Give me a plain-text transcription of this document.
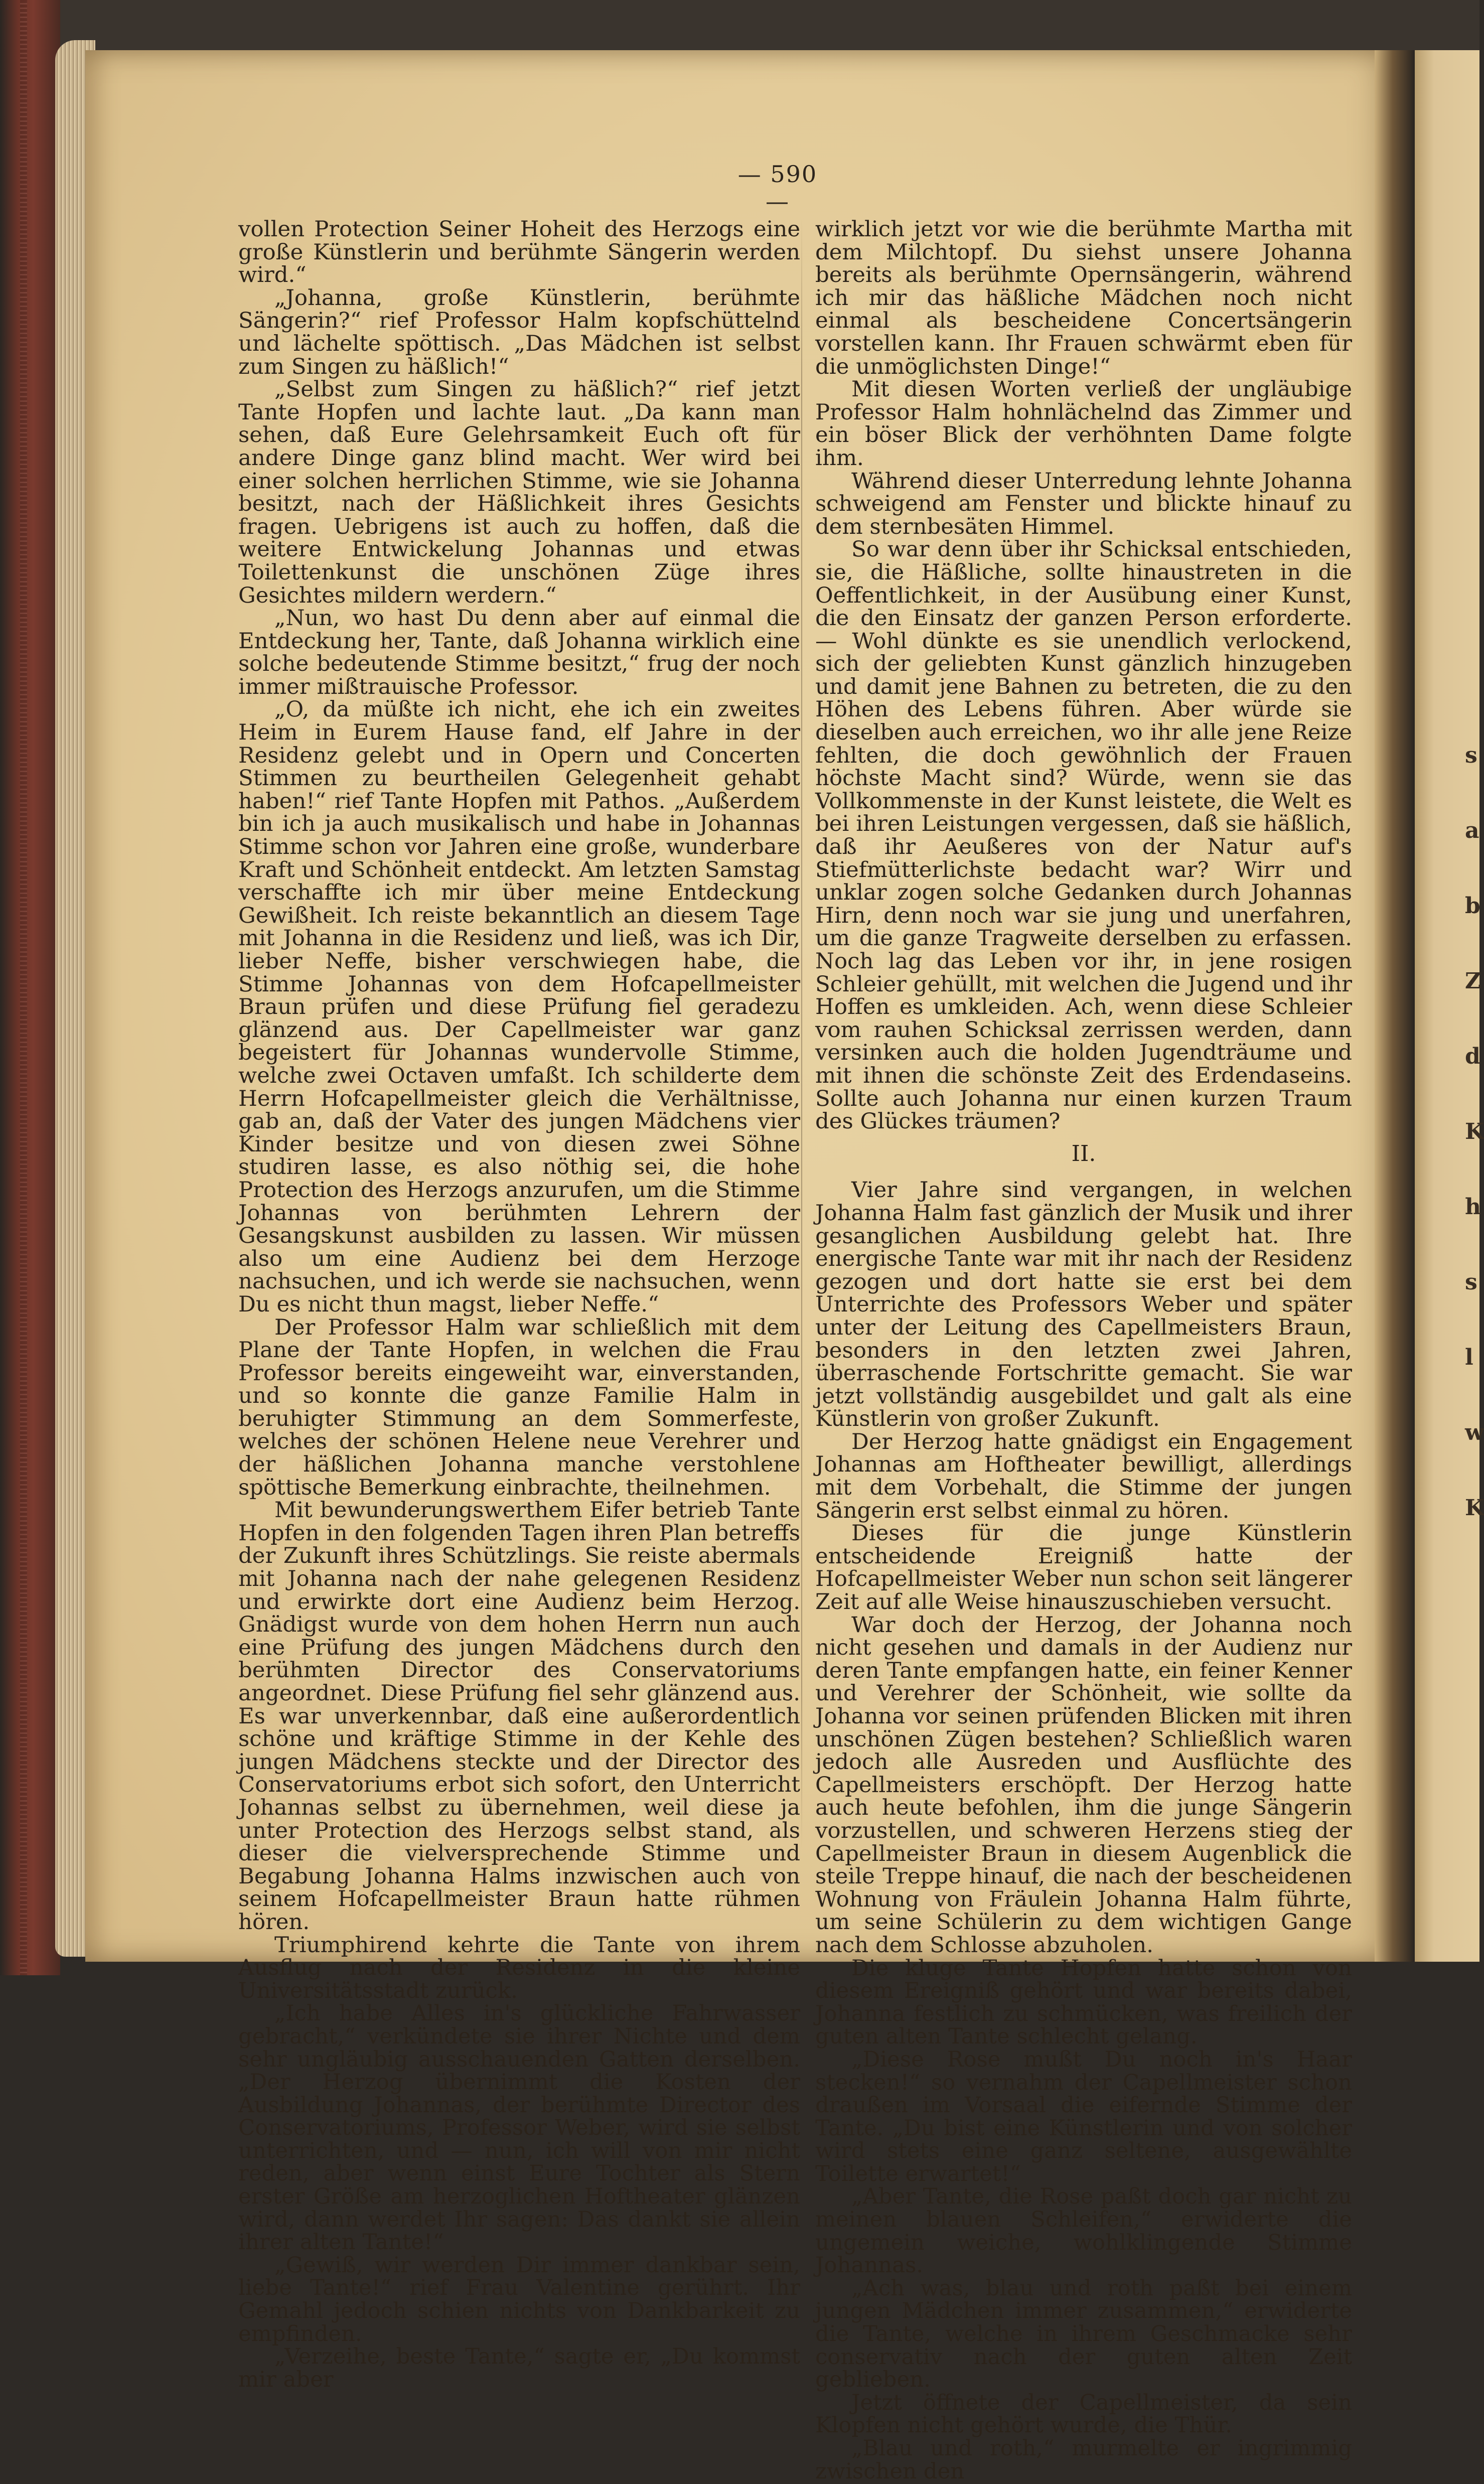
s
a
b
Z
d
K
h
s
l
w
K
— 590 —

vollen Protection Seiner Hoheit des Herzogs eine große Künstlerin und berühmte Sängerin werden wird.“

„Johanna, große Künstlerin, berühmte Sängerin?“ rief Professor Halm kopfschüttelnd und lächelte spöttisch. „Das Mädchen ist selbst zum Singen zu häßlich!“

„Selbst zum Singen zu häßlich?“ rief jetzt Tante Hopfen und lachte laut. „Da kann man sehen, daß Eure Gelehrsamkeit Euch oft für andere Dinge ganz blind macht. Wer wird bei einer solchen herrlichen Stimme, wie sie Johanna besitzt, nach der Häßlichkeit ihres Gesichts fragen. Uebrigens ist auch zu hoffen, daß die weitere Entwickelung Johannas und etwas Toilettenkunst die unschönen Züge ihres Gesichtes mildern werdern.“

„Nun, wo hast Du denn aber auf einmal die Entdeckung her, Tante, daß Johanna wirklich eine solche bedeutende Stimme besitzt,“ frug der noch immer mißtrauische Professor.

„O, da müßte ich nicht, ehe ich ein zweites Heim in Eurem Hause fand, elf Jahre in der Residenz gelebt und in Opern und Concerten Stimmen zu beurtheilen Gelegenheit gehabt haben!“ rief Tante Hopfen mit Pathos. „Außerdem bin ich ja auch musikalisch und habe in Johannas Stimme schon vor Jahren eine große, wunderbare Kraft und Schönheit entdeckt. Am letzten Samstag verschaffte ich mir über meine Entdeckung Gewißheit. Ich reiste bekanntlich an diesem Tage mit Johanna in die Residenz und ließ, was ich Dir, lieber Neffe, bisher verschwiegen habe, die Stimme Johannas von dem Hofcapellmeister Braun prüfen und diese Prüfung fiel geradezu glänzend aus. Der Capellmeister war ganz begeistert für Johannas wundervolle Stimme, welche zwei Octaven umfaßt. Ich schilderte dem Herrn Hofcapellmeister gleich die Verhältnisse, gab an, daß der Vater des jungen Mädchens vier Kinder besitze und von diesen zwei Söhne studiren lasse, es also nöthig sei, die hohe Protection des Herzogs anzurufen, um die Stimme Johannas von berühmten Lehrern der Gesangskunst ausbilden zu lassen. Wir müssen also um eine Audienz bei dem Herzoge nachsuchen, und ich werde sie nachsuchen, wenn Du es nicht thun magst, lieber Neffe.“

Der Professor Halm war schließlich mit dem Plane der Tante Hopfen, in welchen die Frau Professor bereits eingeweiht war, einverstanden, und so konnte die ganze Familie Halm in beruhigter Stimmung an dem Sommerfeste, welches der schönen Helene neue Verehrer und der häßlichen Johanna manche verstohlene spöttische Bemerkung einbrachte, theilnehmen.

Mit bewunderungswerthem Eifer betrieb Tante Hopfen in den folgenden Tagen ihren Plan betreffs der Zukunft ihres Schützlings. Sie reiste abermals mit Johanna nach der nahe gelegenen Residenz und erwirkte dort eine Audienz beim Herzog. Gnädigst wurde von dem hohen Herrn nun auch eine Prüfung des jungen Mädchens durch den berühmten Director des Conservatoriums angeordnet. Diese Prüfung fiel sehr glänzend aus. Es war unverkennbar, daß eine außerordentlich schöne und kräftige Stimme in der Kehle des jungen Mädchens steckte und der Director des Conservatoriums erbot sich sofort, den Unterricht Johannas selbst zu übernehmen, weil diese ja unter Protection des Herzogs selbst stand, als dieser die vielversprechende Stimme und Begabung Johanna Halms inzwischen auch von seinem Hofcapellmeister Braun hatte rühmen hören.

Triumphirend kehrte die Tante von ihrem Ausflug nach der Residenz in die kleine Universitätsstadt zurück.

„Ich habe Alles in's glückliche Fahrwasser gebracht,“ verkündete sie ihrer Nichte und dem sehr ungläubig ausschauenden Gatten derselben. „Der Herzog übernimmt die Kosten der Ausbildung Johannas, der berühmte Director des Conservatoriums, Professor Weber, wird sie selbst unterrichten, und — nun, ich will von mir nicht reden, aber wenn einst Eure Tochter als Stern erster Größe am herzoglichen Hoftheater glänzen wird, dann werdet Ihr sagen: Das dankt sie allein ihrer alten Tante!“

„Gewiß, wir werden Dir immer dankbar sein, liebe Tante!“ rief Frau Valentine gerührt. Ihr Gemahl jedoch schien nichts von Dankbarkeit zu empfinden.

„Verzeihe, beste Tante,“ sagte er, „Du kommst mir aber

wirklich jetzt vor wie die berühmte Martha mit dem Milchtopf. Du siehst unsere Johanna bereits als berühmte Opernsängerin, während ich mir das häßliche Mädchen noch nicht einmal als bescheidene Concertsängerin vorstellen kann. Ihr Frauen schwärmt eben für die unmöglichsten Dinge!“

Mit diesen Worten verließ der ungläubige Professor Halm hohnlächelnd das Zimmer und ein böser Blick der verhöhnten Dame folgte ihm.

Während dieser Unterredung lehnte Johanna schweigend am Fenster und blickte hinauf zu dem sternbesäten Himmel.

So war denn über ihr Schicksal entschieden, sie, die Häßliche, sollte hinaustreten in die Oeffentlichkeit, in der Ausübung einer Kunst, die den Einsatz der ganzen Person erforderte. — Wohl dünkte es sie unendlich verlockend, sich der geliebten Kunst gänzlich hinzugeben und damit jene Bahnen zu betreten, die zu den Höhen des Lebens führen. Aber würde sie dieselben auch erreichen, wo ihr alle jene Reize fehlten, die doch gewöhnlich der Frauen höchste Macht sind? Würde, wenn sie das Vollkommenste in der Kunst leistete, die Welt es bei ihren Leistungen vergessen, daß sie häßlich, daß ihr Aeußeres von der Natur auf's Stiefmütterlichste bedacht war? Wirr und unklar zogen solche Gedanken durch Johannas Hirn, denn noch war sie jung und unerfahren, um die ganze Tragweite derselben zu erfassen. Noch lag das Leben vor ihr, in jene rosigen Schleier gehüllt, mit welchen die Jugend und ihr Hoffen es umkleiden. Ach, wenn diese Schleier vom rauhen Schicksal zerrissen werden, dann versinken auch die holden Jugendträume und mit ihnen die schönste Zeit des Erdendaseins. Sollte auch Johanna nur einen kurzen Traum des Glückes träumen?

II.

Vier Jahre sind vergangen, in welchen Johanna Halm fast gänzlich der Musik und ihrer gesanglichen Ausbildung gelebt hat. Ihre energische Tante war mit ihr nach der Residenz gezogen und dort hatte sie erst bei dem Unterrichte des Professors Weber und später unter der Leitung des Capellmeisters Braun, besonders in den letzten zwei Jahren, überraschende Fortschritte gemacht. Sie war jetzt vollständig ausgebildet und galt als eine Künstlerin von großer Zukunft.

Der Herzog hatte gnädigst ein Engagement Johannas am Hoftheater bewilligt, allerdings mit dem Vorbehalt, die Stimme der jungen Sängerin erst selbst einmal zu hören.

Dieses für die junge Künstlerin entscheidende Ereigniß hatte der Hofcapellmeister Weber nun schon seit längerer Zeit auf alle Weise hinauszuschieben versucht.

War doch der Herzog, der Johanna noch nicht gesehen und damals in der Audienz nur deren Tante empfangen hatte, ein feiner Kenner und Verehrer der Schönheit, wie sollte da Johanna vor seinen prüfenden Blicken mit ihren unschönen Zügen bestehen? Schließlich waren jedoch alle Ausreden und Ausflüchte des Capellmeisters erschöpft. Der Herzog hatte auch heute befohlen, ihm die junge Sängerin vorzustellen, und schweren Herzens stieg der Capellmeister Braun in diesem Augenblick die steile Treppe hinauf, die nach der bescheidenen Wohnung von Fräulein Johanna Halm führte, um seine Schülerin zu dem wichtigen Gange nach dem Schlosse abzuholen.

Die kluge Tante Hopfen hatte schon von diesem Ereigniß gehört und war bereits dabei, Johanna festlich zu schmücken, was freilich der guten alten Tante schlecht gelang.

„Diese Rose mußt Du noch in's Haar stecken!“ so vernahm der Capellmeister schon draußen im Vorsaal die eifernde Stimme der Tante. „Du bist eine Künstlerin und von solcher wird stets eine ganz seltene, ausgewählte Toilette erwartet!“

„Aber Tante, die Rose paßt doch gar nicht zu meinen blauen Schleifen,“ erwiderte die ungemein weiche, wohlklingende Stimme Johannas.

„Ach was, blau und roth paßt bei einem jungen Mädchen immer zusammen,“ erwiderte die Tante, welche in ihrem Geschmacke sehr conservativ nach der guten alten Zeit geblieben.

Jetzt öffnete der Capellmeister, da sein Klopfen nicht gehört wurde, die Thür.

„Blau und roth,“ murmelte er ingrimmig zwischen den
